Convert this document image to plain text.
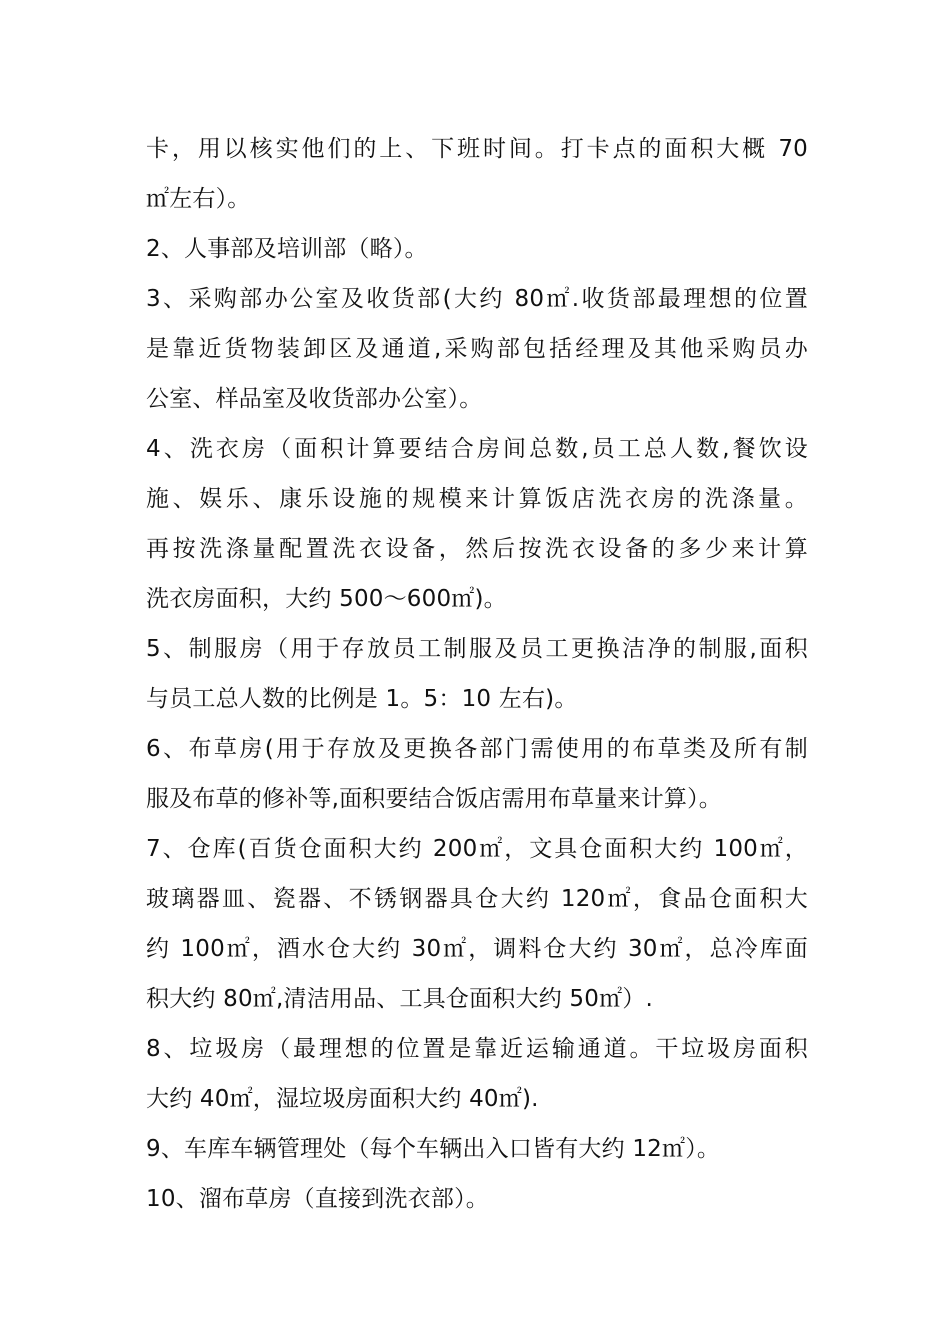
卡，用以核实他们的上、下班时间。打卡点的面积大概 70
㎡左右）。
2、人事部及培训部（略）。
3、采购部办公室及收货部(大约 80㎡.收货部最理想的位置
是靠近货物装卸区及通道,采购部包括经理及其他采购员办
公室、样品室及收货部办公室）。
4、洗衣房（面积计算要结合房间总数,员工总人数,餐饮设
施、娱乐、康乐设施的规模来计算饭店洗衣房的洗涤量。
再按洗涤量配置洗衣设备，然后按洗衣设备的多少来计算
洗衣房面积，大约 500～600㎡)。
5、制服房（用于存放员工制服及员工更换洁净的制服,面积
与员工总人数的比例是 1。5：10 左右)。
6、布草房(用于存放及更换各部门需使用的布草类及所有制
服及布草的修补等,面积要结合饭店需用布草量来计算）。
7、仓库(百货仓面积大约 200㎡，文具仓面积大约 100㎡，
玻璃器皿、瓷器、不锈钢器具仓大约 120㎡，食品仓面积大
约 100㎡，酒水仓大约 30㎡，调料仓大约 30㎡，总冷库面
积大约 80㎡,清洁用品、工具仓面积大约 50㎡）.
8、垃圾房（最理想的位置是靠近运输通道。干垃圾房面积
大约 40㎡，湿垃圾房面积大约 40㎡).
9、车库车辆管理处（每个车辆出入口皆有大约 12㎡）。
10、溜布草房（直接到洗衣部）。
